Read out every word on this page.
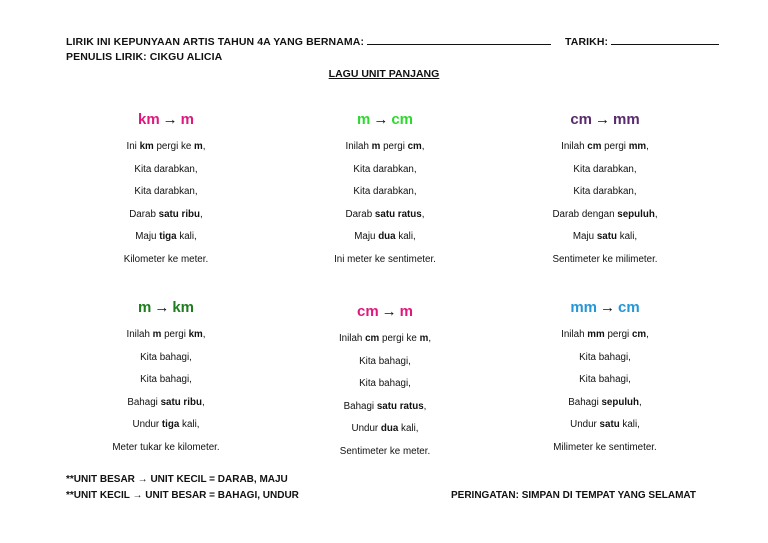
LIRIK INI KEPUNYAAN ARTIS TAHUN 4A YANG BERNAMA:	TARIKH:
PENULIS LIRIK: CIKGU ALICIA
LAGU UNIT PANJANG
km → m
Ini km pergi ke m,
Kita darabkan,
Kita darabkan,
Darab satu ribu,
Maju tiga kali,
Kilometer ke meter.
m → cm
Inilah m pergi cm,
Kita darabkan,
Kita darabkan,
Darab satu ratus,
Maju dua kali,
Ini meter ke sentimeter.
cm → mm
Inilah cm pergi mm,
Kita darabkan,
Kita darabkan,
Darab dengan sepuluh,
Maju satu kali,
Sentimeter ke milimeter.
m → km
Inilah m pergi km,
Kita bahagi,
Kita bahagi,
Bahagi satu ribu,
Undur tiga kali,
Meter tukar ke kilometer.
cm → m
Inilah cm pergi ke m,
Kita bahagi,
Kita bahagi,
Bahagi satu ratus,
Undur dua kali,
Sentimeter ke meter.
mm → cm
Inilah mm pergi cm,
Kita bahagi,
Kita bahagi,
Bahagi sepuluh,
Undur satu kali,
Milimeter ke sentimeter.
**UNIT BESAR → UNIT KECIL = DARAB, MAJU
**UNIT KECIL → UNIT BESAR = BAHAGI, UNDUR	PERINGATAN: SIMPAN DI TEMPAT YANG SELAMAT
